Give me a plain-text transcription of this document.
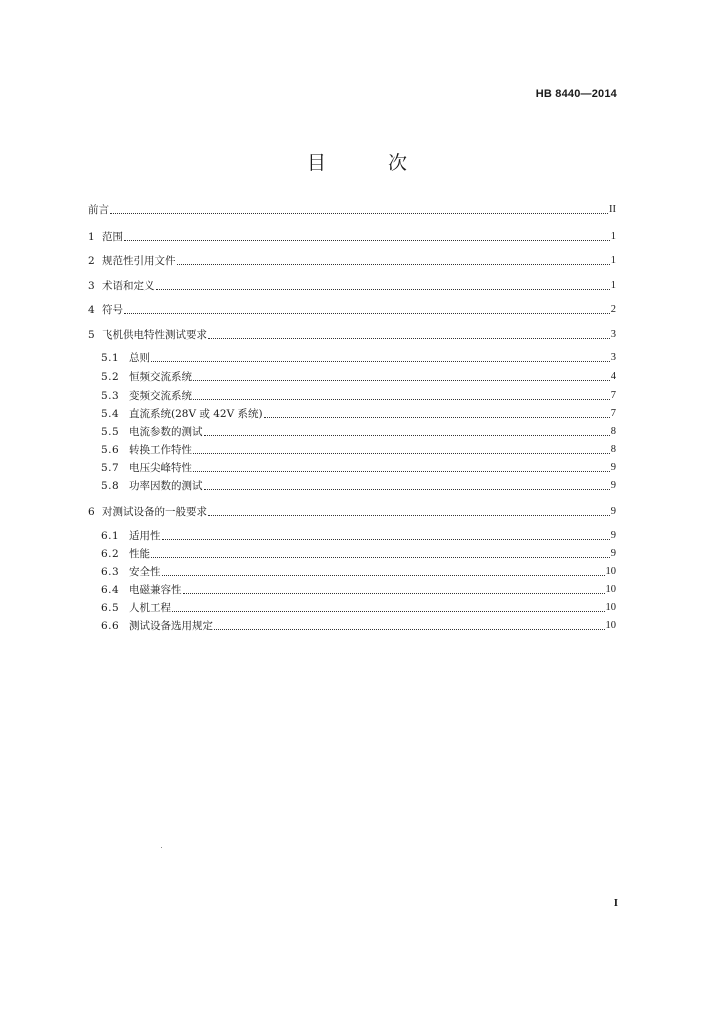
HB 8440—2014
目 次
前言	II
1 范围	1
2 规范性引用文件	1
3 术语和定义	1
4 符号	2
5 飞机供电特性测试要求	3
5.1 总则	3
5.2 恒频交流系统	4
5.3 变频交流系统	7
5.4 直流系统(28V 或 42V 系统)	7
5.5 电流参数的测试	8
5.6 转换工作特性	8
5.7 电压尖峰特性	9
5.8 功率因数的测试	9
6 对测试设备的一般要求	9
6.1 适用性	9
6.2 性能	9
6.3 安全性	10
6.4 电磁兼容性	10
6.5 人机工程	10
6.6 测试设备选用规定	10
I
